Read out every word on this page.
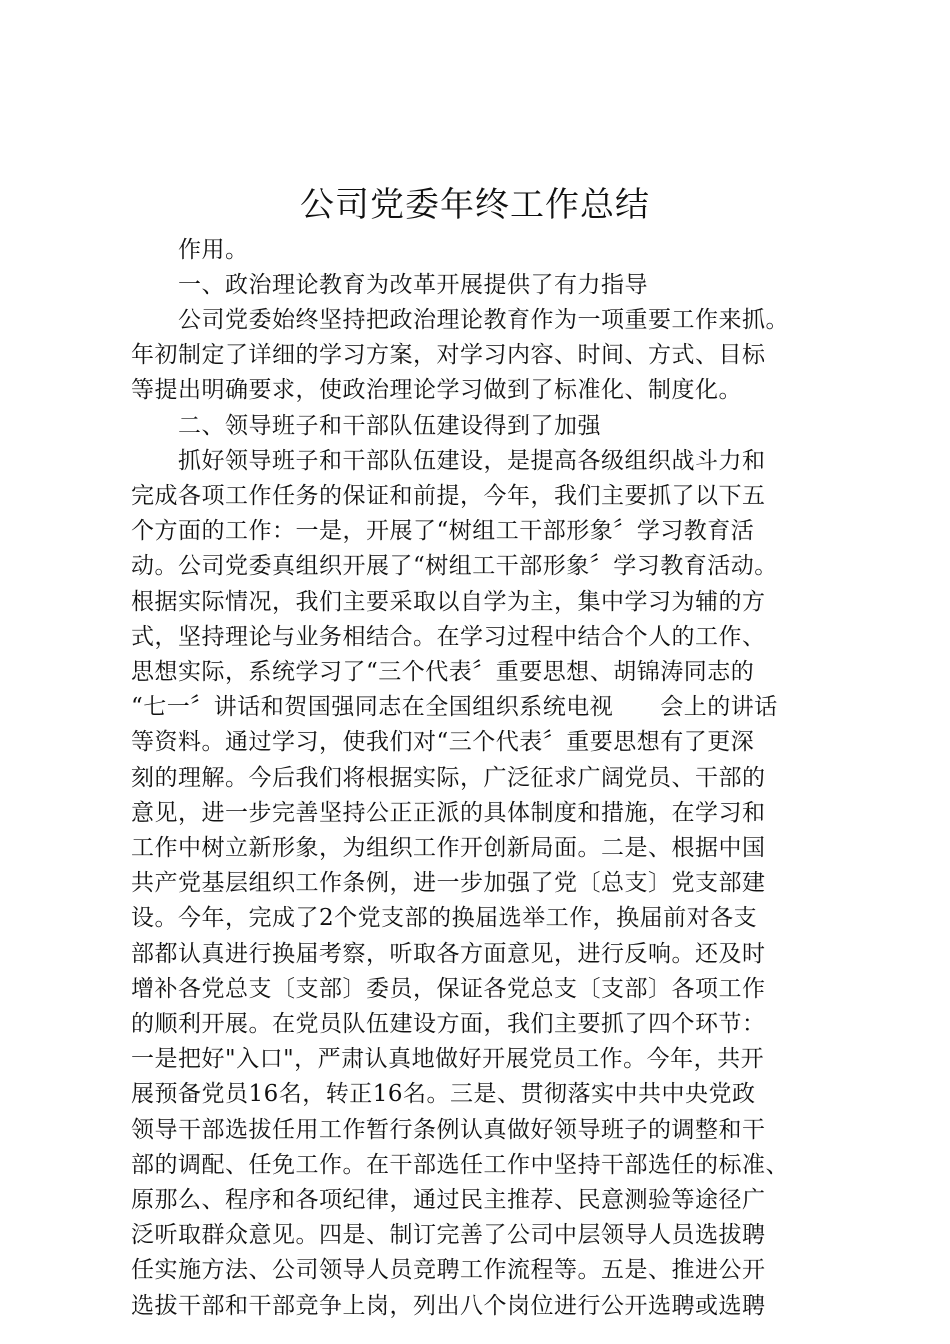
公司党委年终工作总结
作用。
一、政治理论教育为改革开展提供了有力指导
公司党委始终坚持把政治理论教育作为一项重要工作来抓。
年初制定了详细的学习方案，对学习内容、时间、方式、目标
等提出明确要求，使政治理论学习做到了标准化、制度化。
二、领导班子和干部队伍建设得到了加强
抓好领导班子和干部队伍建设，是提高各级组织战斗力和
完成各项工作任务的保证和前提，今年，我们主要抓了以下五
个方面的工作：一是，开展了“树组工干部形象〞学习教育活
动。公司党委真组织开展了“树组工干部形象〞学习教育活动。
根据实际情况，我们主要采取以自学为主，集中学习为辅的方
式，坚持理论与业务相结合。在学习过程中结合个人的工作、
思想实际，系统学习了“三个代表〞重要思想、胡锦涛同志的
“七一〞讲话和贺国强同志在全国组织系统电视　　会上的讲话
等资料。通过学习，使我们对“三个代表〞重要思想有了更深
刻的理解。今后我们将根据实际，广泛征求广阔党员、干部的
意见，进一步完善坚持公正正派的具体制度和措施，在学习和
工作中树立新形象，为组织工作开创新局面。二是、根据中国
共产党基层组织工作条例，进一步加强了党〔总支〕党支部建
设。今年，完成了2个党支部的换届选举工作，换届前对各支
部都认真进行换届考察，听取各方面意见，进行反响。还及时
增补各党总支〔支部〕委员，保证各党总支〔支部〕各项工作
的顺利开展。在党员队伍建设方面，我们主要抓了四个环节：
一是把好"入口"，严肃认真地做好开展党员工作。今年，共开
展预备党员16名，转正16名。三是、贯彻落实中共中央党政
领导干部选拔任用工作暂行条例认真做好领导班子的调整和干
部的调配、任免工作。在干部选任工作中坚持干部选任的标准、
原那么、程序和各项纪律，通过民主推荐、民意测验等途径广
泛听取群众意见。四是、制订完善了公司中层领导人员选拔聘
任实施方法、公司领导人员竞聘工作流程等。五是、推进公开
选拔干部和干部竞争上岗，列出八个岗位进行公开选聘或选聘
